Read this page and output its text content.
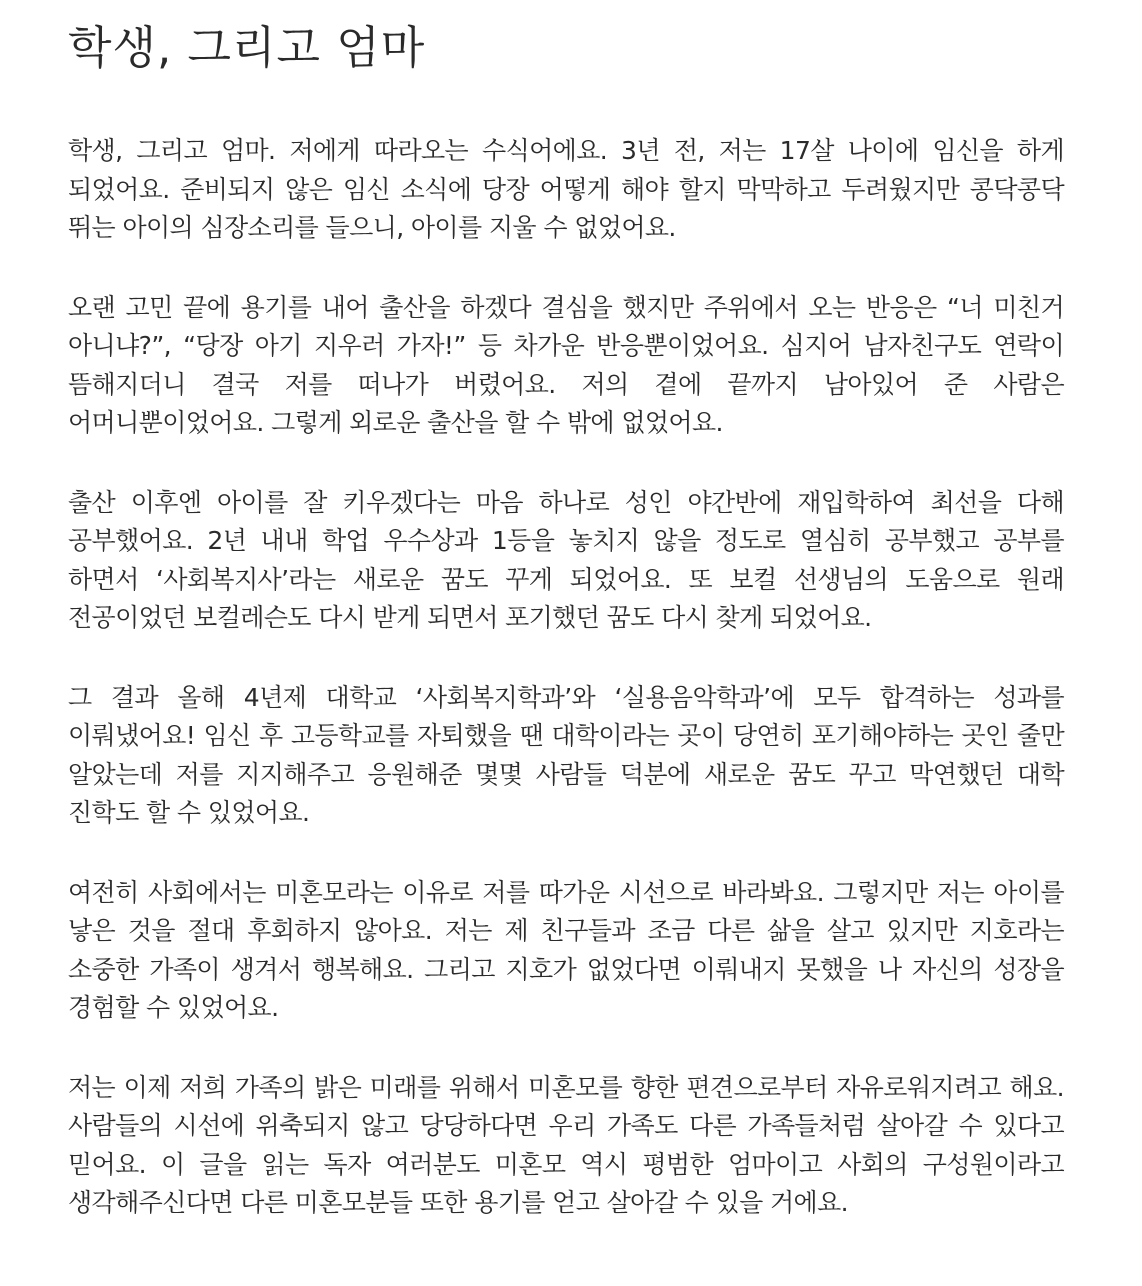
학생, 그리고 엄마

학생, 그리고 엄마. 저에게 따라오는 수식어에요. 3년 전, 저는 17살 나이에 임신을 하게 되었어요. 준비되지 않은 임신 소식에 당장 어떻게 해야 할지 막막하고 두려웠지만 콩닥콩닥 뛰는 아이의 심장소리를 들으니, 아이를 지울 수 없었어요.

오랜 고민 끝에 용기를 내어 출산을 하겠다 결심을 했지만 주위에서 오는 반응은 “너 미친거 아니냐?”, “당장 아기 지우러 가자!” 등 차가운 반응뿐이었어요. 심지어 남자친구도 연락이 뜸해지더니 결국 저를 떠나가 버렸어요. 저의 곁에 끝까지 남아있어 준 사람은 어머니뿐이었어요. 그렇게 외로운 출산을 할 수 밖에 없었어요.

출산 이후엔 아이를 잘 키우겠다는 마음 하나로 성인 야간반에 재입학하여 최선을 다해 공부했어요. 2년 내내 학업 우수상과 1등을 놓치지 않을 정도로 열심히 공부했고 공부를 하면서 ‘사회복지사’라는 새로운 꿈도 꾸게 되었어요. 또 보컬 선생님의 도움으로 원래 전공이었던 보컬레슨도 다시 받게 되면서 포기했던 꿈도 다시 찾게 되었어요.

그 결과 올해 4년제 대학교 ‘사회복지학과’와 ‘실용음악학과’에 모두 합격하는 성과를 이뤄냈어요! 임신 후 고등학교를 자퇴했을 땐 대학이라는 곳이 당연히 포기해야하는 곳인 줄만 알았는데 저를 지지해주고 응원해준 몇몇 사람들 덕분에 새로운 꿈도 꾸고 막연했던 대학 진학도 할 수 있었어요.

여전히 사회에서는 미혼모라는 이유로 저를 따가운 시선으로 바라봐요. 그렇지만 저는 아이를 낳은 것을 절대 후회하지 않아요. 저는 제 친구들과 조금 다른 삶을 살고 있지만 지호라는 소중한 가족이 생겨서 행복해요. 그리고 지호가 없었다면 이뤄내지 못했을 나 자신의 성장을 경험할 수 있었어요.

저는 이제 저희 가족의 밝은 미래를 위해서 미혼모를 향한 편견으로부터 자유로워지려고 해요. 사람들의 시선에 위축되지 않고 당당하다면 우리 가족도 다른 가족들처럼 살아갈 수 있다고 믿어요. 이 글을 읽는 독자 여러분도 미혼모 역시 평범한 엄마이고 사회의 구성원이라고 생각해주신다면 다른 미혼모분들 또한 용기를 얻고 살아갈 수 있을 거에요.
